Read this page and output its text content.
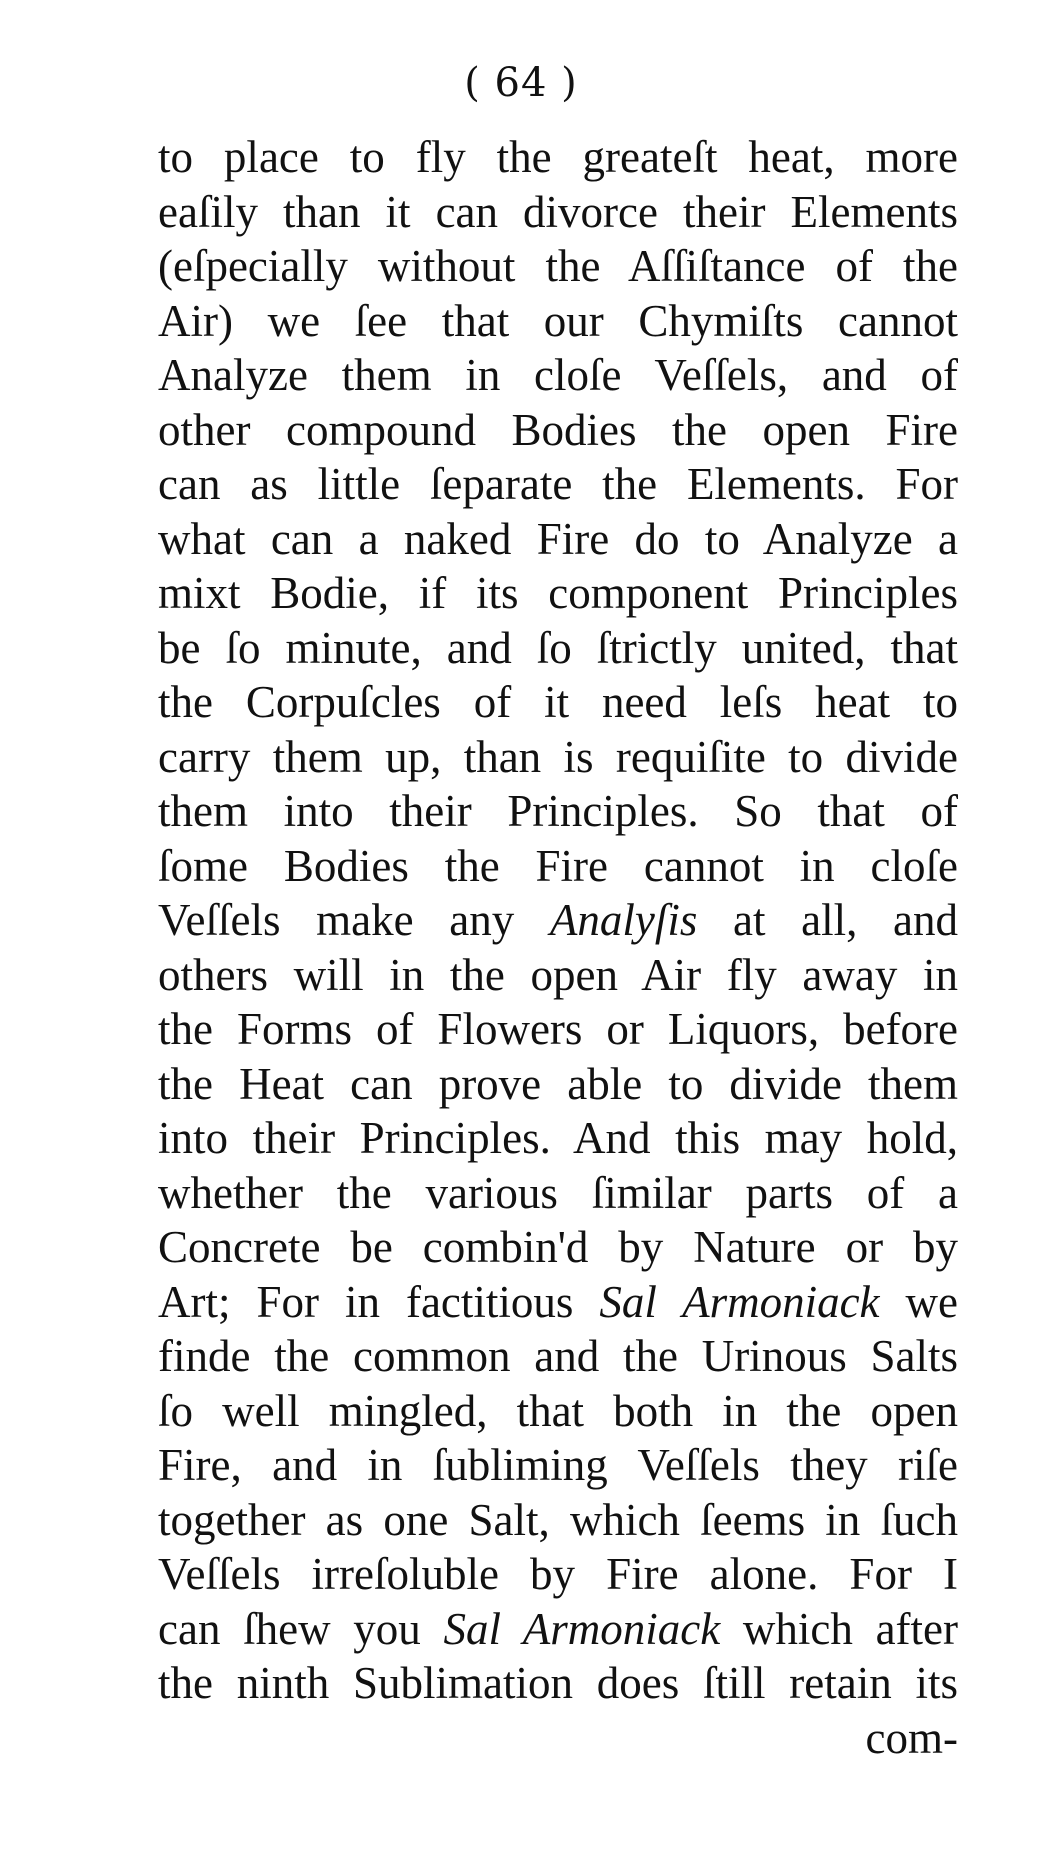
( 64 )
to place to fly the greateſt heat, more
eaſily than it can divorce their Elements
(eſpecially without the Aſſiſtance of the
Air) we ſee that our Chymiſts cannot
Analyze them in cloſe Veſſels, and of
other compound Bodies the open Fire
can as little ſeparate the Elements. For
what can a naked Fire do to Analyze a
mixt Bodie, if its component Principles
be ſo minute, and ſo ſtrictly united, that
the Corpuſcles of it need leſs heat to
carry them up, than is requiſite to divide
them into their Principles. So that of
ſome Bodies the Fire cannot in cloſe
Veſſels make any Analyſis at all, and
others will in the open Air fly away in
the Forms of Flowers or Liquors, before
the Heat can prove able to divide them
into their Principles. And this may hold,
whether the various ſimilar parts of a
Concrete be combin'd by Nature or by
Art; For in factitious Sal Armoniack we
finde the common and the Urinous Salts
ſo well mingled, that both in the open
Fire, and in ſubliming Veſſels they riſe
together as one Salt, which ſeems in ſuch
Veſſels irreſoluble by Fire alone. For I
can ſhew you Sal Armoniack which after
the ninth Sublimation does ſtill retain its
com-
